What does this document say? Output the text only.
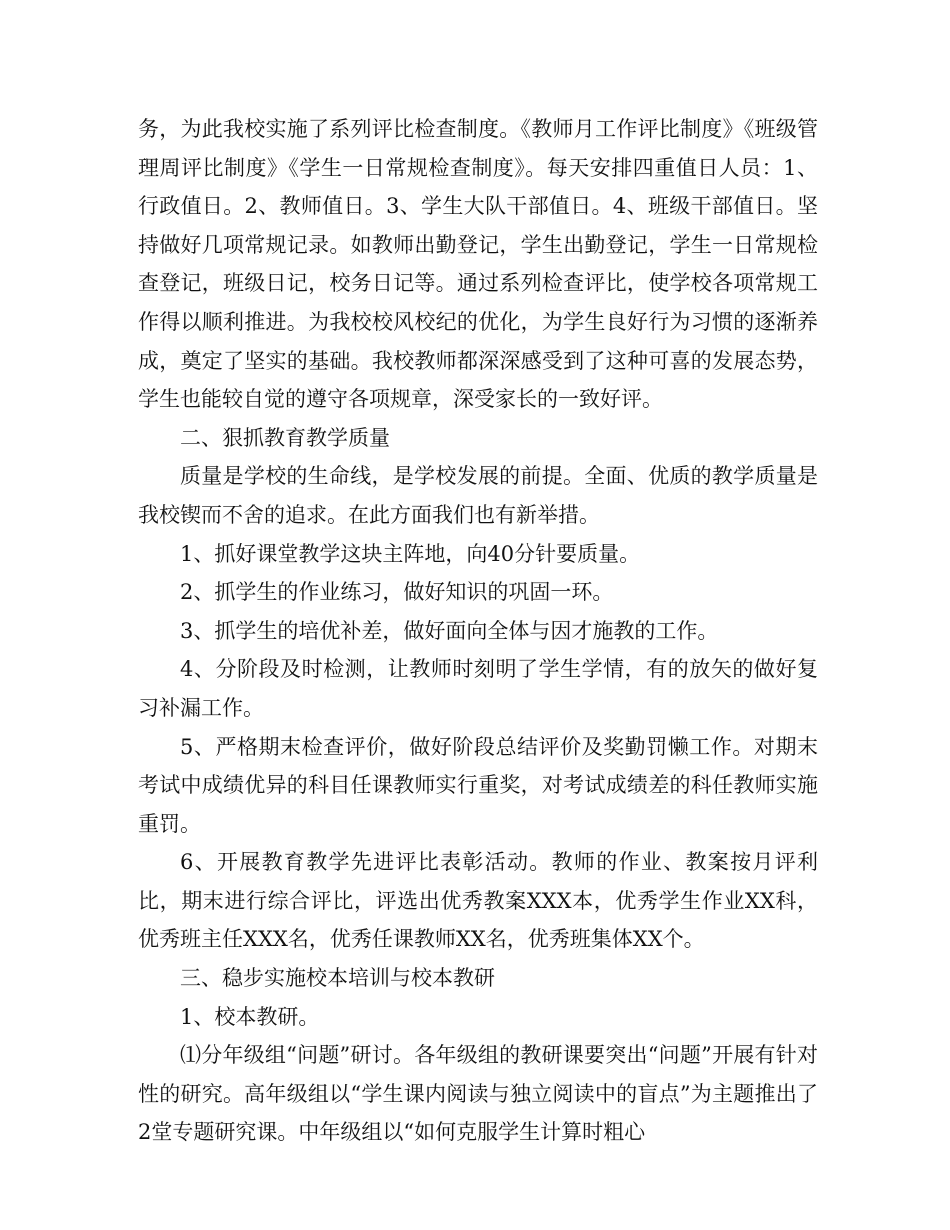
务，为此我校实施了系列评比检查制度。《教师月工作评比制度》《班级管理周评比制度》《学生一日常规检查制度》。每天安排四重值日人员：1、行政值日。2、教师值日。3、学生大队干部值日。4、班级干部值日。坚持做好几项常规记录。如教师出勤登记，学生出勤登记，学生一日常规检查登记，班级日记，校务日记等。通过系列检查评比，使学校各项常规工作得以顺利推进。为我校校风校纪的优化，为学生良好行为习惯的逐渐养成，奠定了坚实的基础。我校教师都深深感受到了这种可喜的发展态势，学生也能较自觉的遵守各项规章，深受家长的一致好评。

二、狠抓教育教学质量

质量是学校的生命线，是学校发展的前提。全面、优质的教学质量是我校锲而不舍的追求。在此方面我们也有新举措。

1、抓好课堂教学这块主阵地，向40分针要质量。

2、抓学生的作业练习，做好知识的巩固一环。

3、抓学生的培优补差，做好面向全体与因才施教的工作。

4、分阶段及时检测，让教师时刻明了学生学情，有的放矢的做好复习补漏工作。

5、严格期末检查评价，做好阶段总结评价及奖勤罚懒工作。对期末考试中成绩优异的科目任课教师实行重奖，对考试成绩差的科任教师实施重罚。

6、开展教育教学先进评比表彰活动。教师的作业、教案按月评利比，期末进行综合评比，评选出优秀教案XXX本，优秀学生作业XX科，优秀班主任XXX名，优秀任课教师XX名，优秀班集体XX个。

三、稳步实施校本培训与校本教研

1、校本教研。

⑴分年级组“问题”研讨。各年级组的教研课要突出“问题”开展有针对性的研究。高年级组以“学生课内阅读与独立阅读中的盲点”为主题推出了2堂专题研究课。中年级组以“如何克服学生计算时粗心
